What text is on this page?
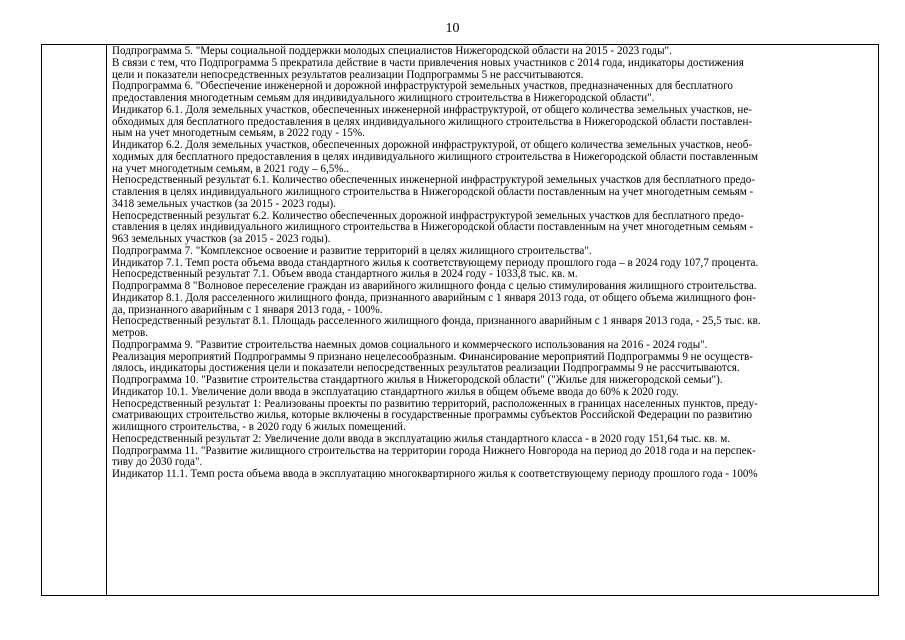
10
Подпрограмма 5. "Меры социальной поддержки молодых специалистов Нижегородской области на 2015 - 2023 годы".
В связи с тем, что Подпрограмма 5 прекратила действие в части привлечения новых участников с 2014 года, индикаторы достижения
цели и показатели непосредственных результатов реализации Подпрограммы 5 не рассчитываются.
Подпрограмма 6. "Обеспечение инженерной и дорожной инфраструктурой земельных участков, предназначенных для бесплатного
предоставления многодетным семьям для индивидуального жилищного строительства в Нижегородской области".
Индикатор 6.1. Доля земельных участков, обеспеченных инженерной инфраструктурой, от общего количества земельных участков, не-
обходимых для бесплатного предоставления в целях индивидуального жилищного строительства в Нижегородской области поставлен-
ным на учет многодетным семьям, в 2022 году - 15%.
Индикатор 6.2. Доля земельных участков, обеспеченных дорожной инфраструктурой, от общего количества земельных участков, необ-
ходимых для бесплатного предоставления в целях индивидуального жилищного строительства в Нижегородской области поставленным
на учет многодетным семьям, в 2021 году – 6,5%..
Непосредственный результат 6.1. Количество обеспеченных инженерной инфраструктурой земельных участков для бесплатного предо-
ставления в целях индивидуального жилищного строительства в Нижегородской области поставленным на учет многодетным семьям -
3418 земельных участков (за 2015 - 2023 годы).
Непосредственный результат 6.2. Количество обеспеченных дорожной инфраструктурой земельных участков для бесплатного предо-
ставления в целях индивидуального жилищного строительства в Нижегородской области поставленным на учет многодетным семьям -
963 земельных участков (за 2015 - 2023 годы).
Подпрограмма 7. "Комплексное освоение и развитие территорий в целях жилищного строительства".
Индикатор 7.1. Темп роста объема ввода стандартного жилья к соответствующему периоду прошлого года – в 2024 году 107,7 процента.
Непосредственный результат 7.1. Объем ввода стандартного жилья в 2024 году - 1033,8 тыс. кв. м.
Подпрограмма 8 "Волновое переселение граждан из аварийного жилищного фонда с целью стимулирования жилищного строительства.
Индикатор 8.1. Доля расселенного жилищного фонда, признанного аварийным с 1 января 2013 года, от общего объема жилищного фон-
да, признанного аварийным с 1 января 2013 года, - 100%.
Непосредственный результат 8.1. Площадь расселенного жилищного фонда, признанного аварийным с 1 января 2013 года, - 25,5 тыс. кв.
метров.
Подпрограмма 9. "Развитие строительства наемных домов социального и коммерческого использования на 2016 - 2024 годы".
Реализация мероприятий Подпрограммы 9 признано нецелесообразным. Финансирование мероприятий Подпрограммы 9 не осуществ-
лялось, индикаторы достижения цели и показатели непосредственных результатов реализации Подпрограммы 9 не рассчитываются.
Подпрограмма 10. "Развитие строительства стандартного жилья в Нижегородской области" ("Жилье для нижегородской семьи").
Индикатор 10.1. Увеличение доли ввода в эксплуатацию стандартного жилья в общем объеме ввода до 60% к 2020 году.
Непосредственный результат 1: Реализованы проекты по развитию территорий, расположенных в границах населенных пунктов, преду-
сматривающих строительство жилья, которые включены в государственные программы субъектов Российской Федерации по развитию
жилищного строительства, - в 2020 году 6 жилых помещений.
Непосредственный результат 2: Увеличение доли ввода в эксплуатацию жилья стандартного класса - в 2020 году 151,64 тыс. кв. м.
Подпрограмма 11. "Развитие жилищного строительства на территории города Нижнего Новгорода на период до 2018 года и на перспек-
тиву до 2030 года".
Индикатор 11.1. Темп роста объема ввода в эксплуатацию многоквартирного жилья к соответствующему периоду прошлого года - 100%
